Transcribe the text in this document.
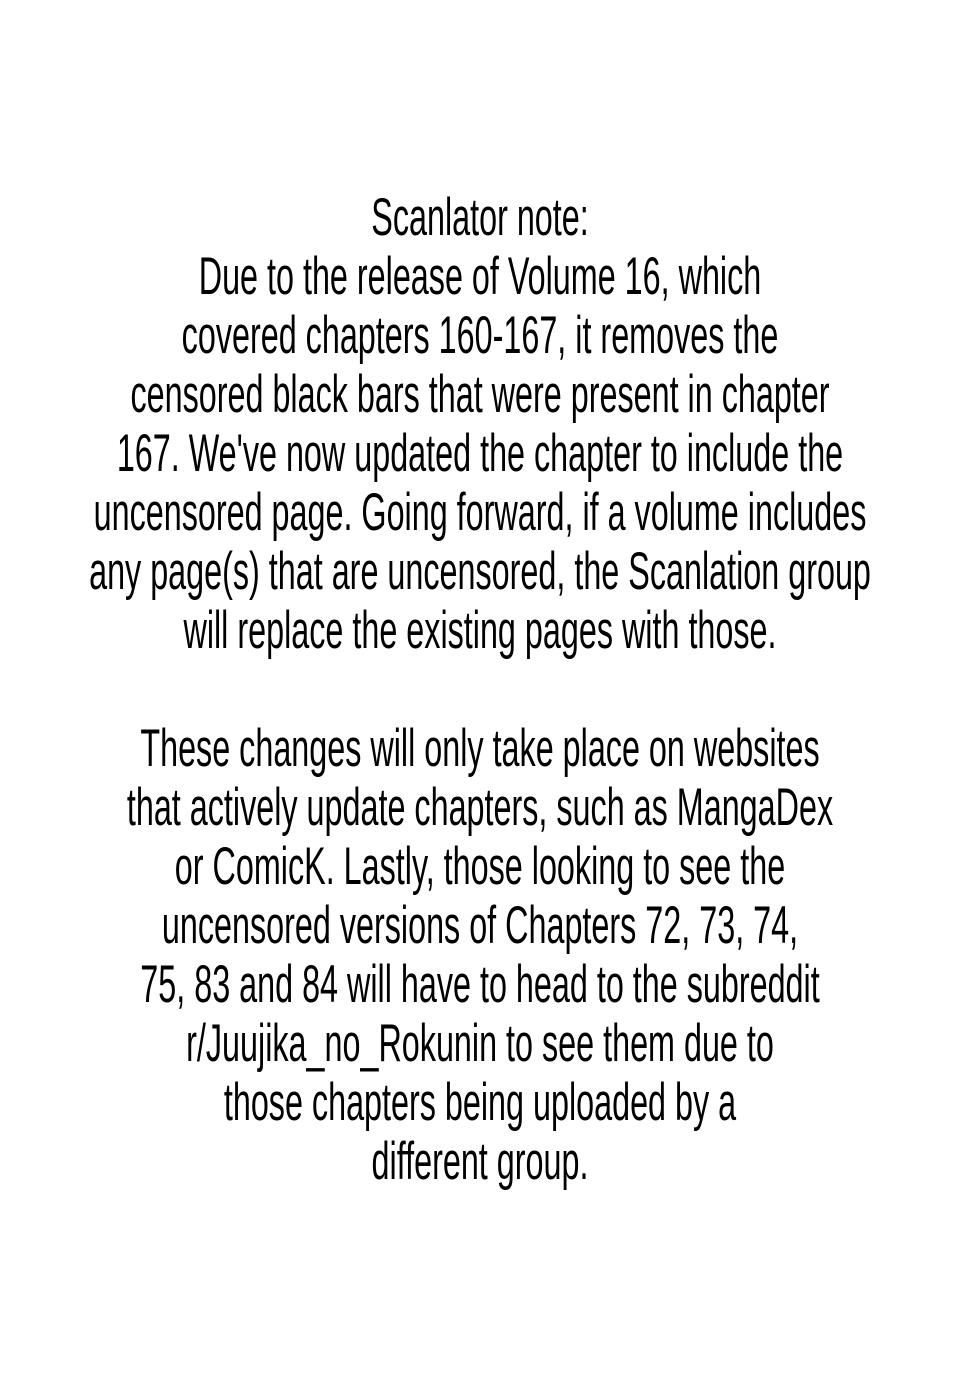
Scanlator note:
Due to the release of Volume 16, which
covered chapters 160-167, it removes the
censored black bars that were present in chapter
167. We've now updated the chapter to include the
uncensored page. Going forward, if a volume includes
any page(s) that are uncensored, the Scanlation group
will replace the existing pages with those.
These changes will only take place on websites
that actively update chapters, such as MangaDex
or ComicK. Lastly, those looking to see the
uncensored versions of Chapters 72, 73, 74,
75, 83 and 84 will have to head to the subreddit
r/Juujika_no_Rokunin to see them due to
those chapters being uploaded by a
different group.
